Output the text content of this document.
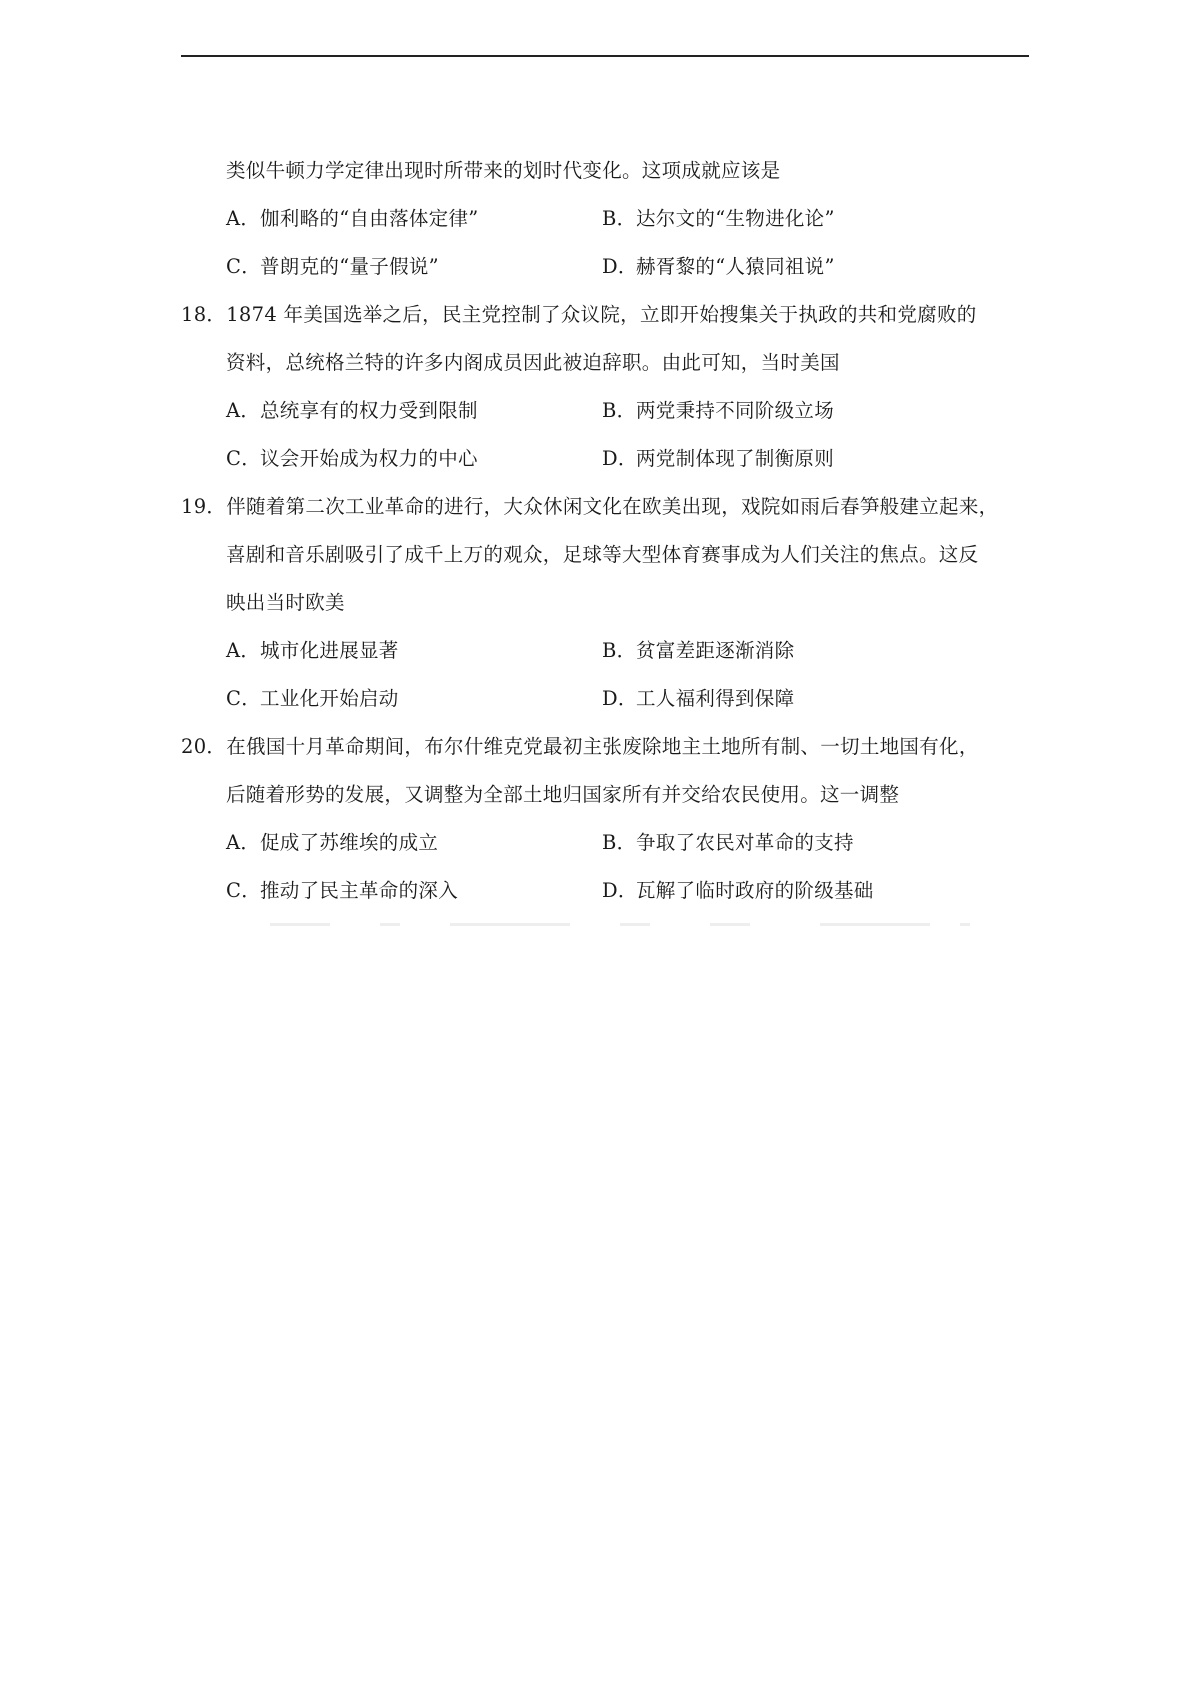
类似牛顿力学定律出现时所带来的划时代变化。这项成就应该是
A．伽利略的“自由落体定律”	B．达尔文的“生物进化论”
C．普朗克的“量子假说”	D．赫胥黎的“人猿同祖说”
18．1874 年美国选举之后，民主党控制了众议院，立即开始搜集关于执政的共和党腐败的
资料，总统格兰特的许多内阁成员因此被迫辞职。由此可知，当时美国
A．总统享有的权力受到限制	B．两党秉持不同阶级立场
C．议会开始成为权力的中心	D．两党制体现了制衡原则
19．伴随着第二次工业革命的进行，大众休闲文化在欧美出现，戏院如雨后春笋般建立起来，
喜剧和音乐剧吸引了成千上万的观众，足球等大型体育赛事成为人们关注的焦点。这反
映出当时欧美
A．城市化进展显著	B．贫富差距逐渐消除
C．工业化开始启动	D．工人福利得到保障
20．在俄国十月革命期间，布尔什维克党最初主张废除地主土地所有制、一切土地国有化，
后随着形势的发展，又调整为全部土地归国家所有并交给农民使用。这一调整
A．促成了苏维埃的成立	B．争取了农民对革命的支持
C．推动了民主革命的深入	D．瓦解了临时政府的阶级基础
